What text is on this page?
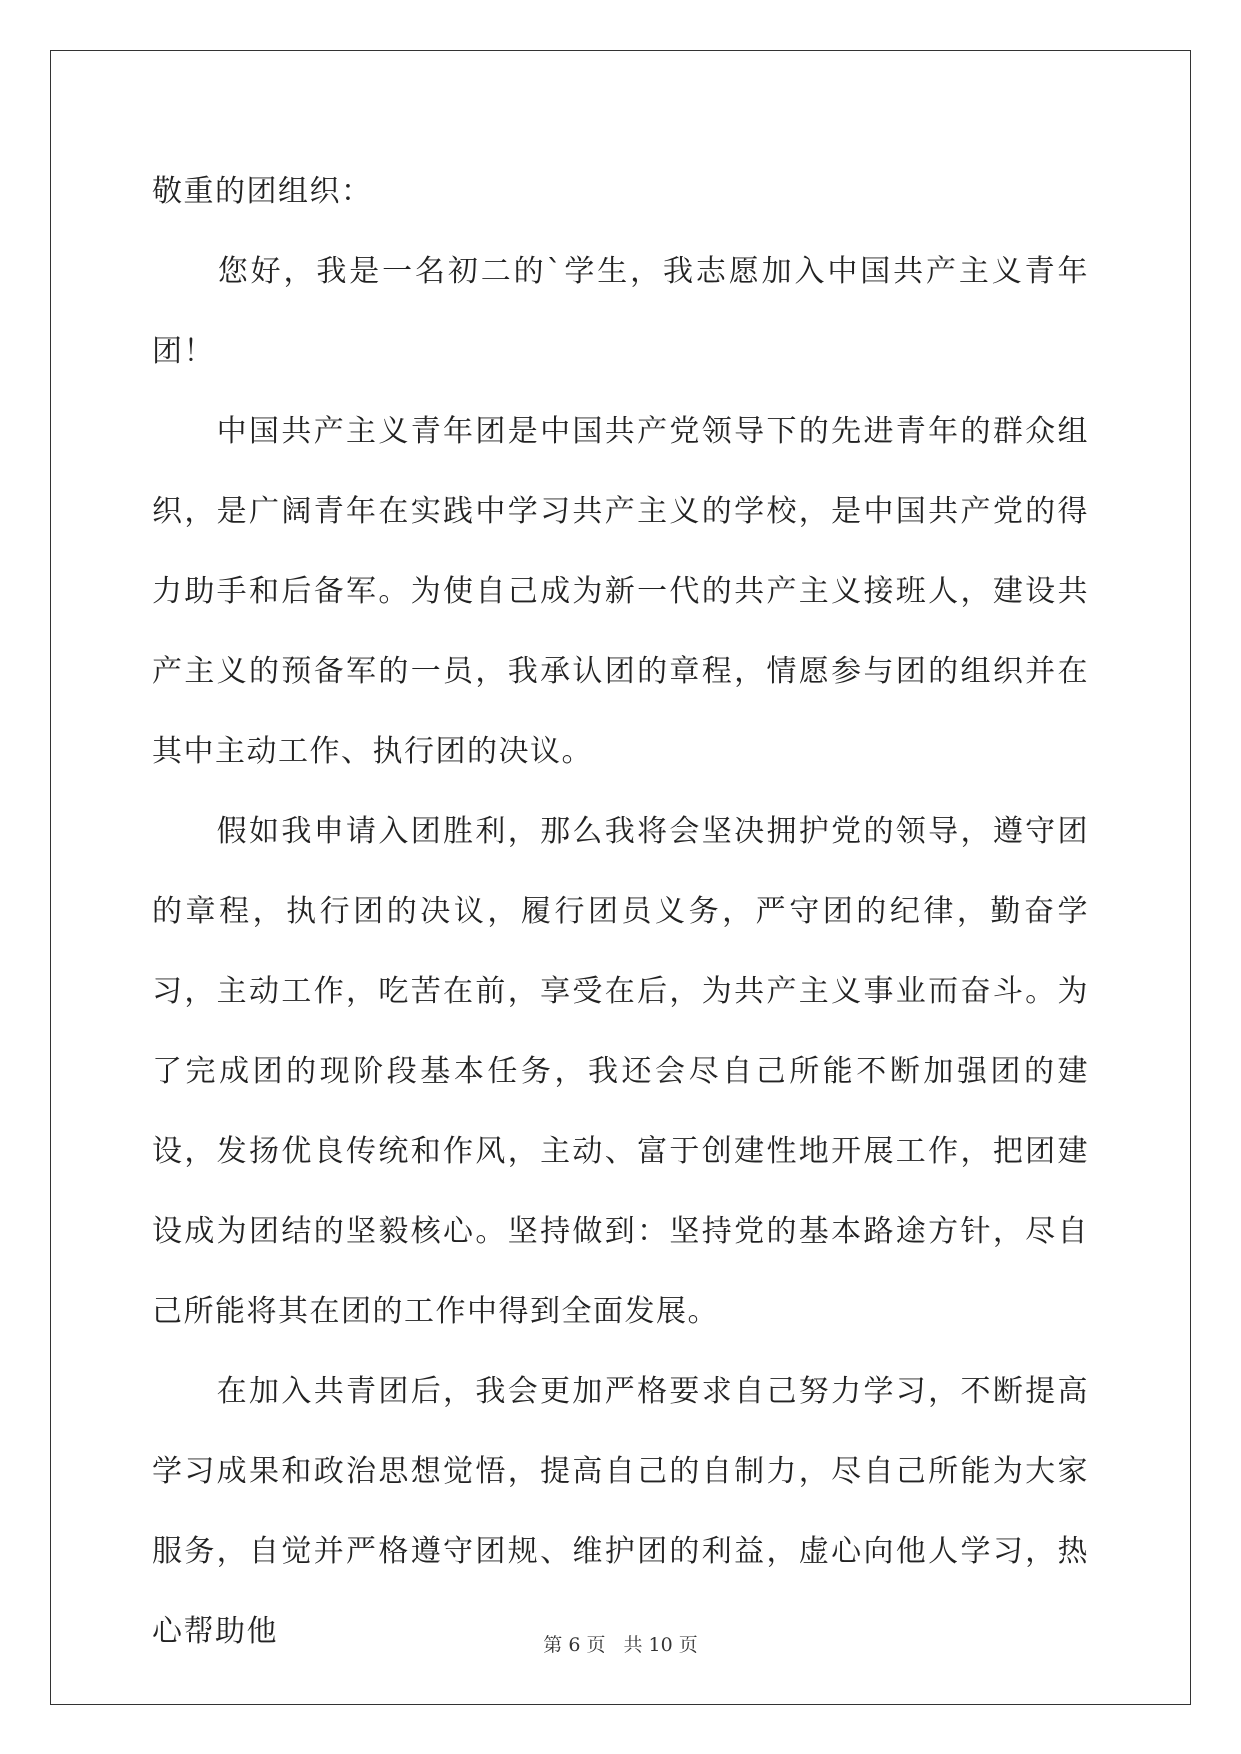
敬重的团组织：

　　您好，我是一名初二的`学生，我志愿加入中国共产主义青年团！

　　中国共产主义青年团是中国共产党领导下的先进青年的群众组织，是广阔青年在实践中学习共产主义的学校，是中国共产党的得力助手和后备军。为使自己成为新一代的共产主义接班人，建设共产主义的预备军的一员，我承认团的章程，情愿参与团的组织并在其中主动工作、执行团的决议。

　　假如我申请入团胜利，那么我将会坚决拥护党的领导，遵守团的章程，执行团的决议，履行团员义务，严守团的纪律，勤奋学习，主动工作，吃苦在前，享受在后，为共产主义事业而奋斗。为了完成团的现阶段基本任务，我还会尽自己所能不断加强团的建设，发扬优良传统和作风，主动、富于创建性地开展工作，把团建设成为团结的坚毅核心。坚持做到：坚持党的基本路途方针，尽自己所能将其在团的工作中得到全面发展。

　　在加入共青团后，我会更加严格要求自己努力学习，不断提高学习成果和政治思想觉悟，提高自己的自制力，尽自己所能为大家服务，自觉并严格遵守团规、维护团的利益，虚心向他人学习，热心帮助他	第 6 页 共 10 页
